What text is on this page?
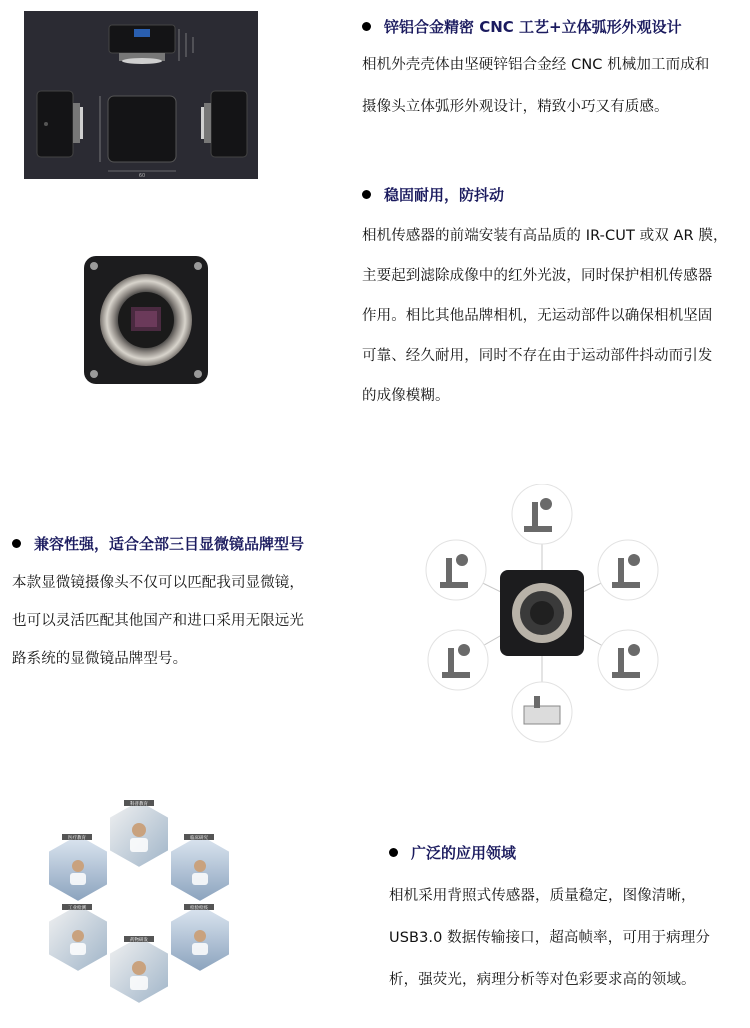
锌铝合金精密 CNC 工艺+立体弧形外观设计
相机外壳壳体由坚硬锌铝合金经 CNC 机械加工而成和
摄像头立体弧形外观设计，精致小巧又有质感。
稳固耐用，防抖动
相机传感器的前端安装有高品质的 IR-CUT 或双 AR 膜，
主要起到滤除成像中的红外光波，同时保护相机传感器
作用。相比其他品牌相机，无运动部件以确保相机坚固
可靠、经久耐用，同时不存在由于运动部件抖动而引发
的成像模糊。
兼容性强，适合全部三目显微镜品牌型号
本款显微镜摄像头不仅可以匹配我司显微镜，
也可以灵活匹配其他国产和进口采用无限远光
路系统的显微镜品牌型号。
广泛的应用领域
相机采用背照式传感器，质量稳定，图像清晰，
USB3.0 数据传输接口，超高帧率，可用于病理分
析，强荧光，病理分析等对色彩要求高的领域。
60
科普教育
医疗教育	临床研究
工业检测	检验检疫
药物研发
